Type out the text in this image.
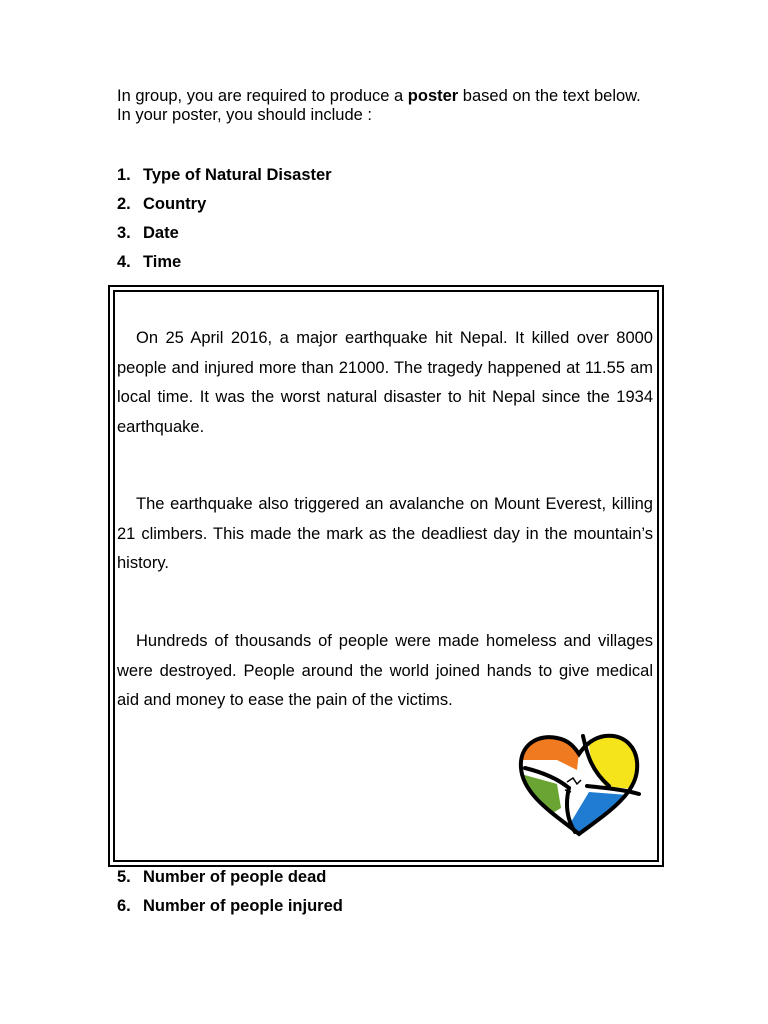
In group, you are required to produce a poster based on the text below. In your poster, you should include :

1. Type of Natural Disaster
2. Country
3. Date
4. Time

On 25 April 2016, a major earthquake hit Nepal. It killed over 8000 people and injured more than 21000. The tragedy happened at 11.55 am local time. It was the worst natural disaster to hit Nepal since the 1934 earthquake.

The earthquake also triggered an avalanche on Mount Everest, killing 21 climbers. This made the mark as the deadliest day in the mountain’s history.

Hundreds of thousands of people were made homeless and villages were destroyed. People around the world joined hands to give medical aid and money to ease the pain of the victims.

5. Number of people dead
6. Number of people injured
